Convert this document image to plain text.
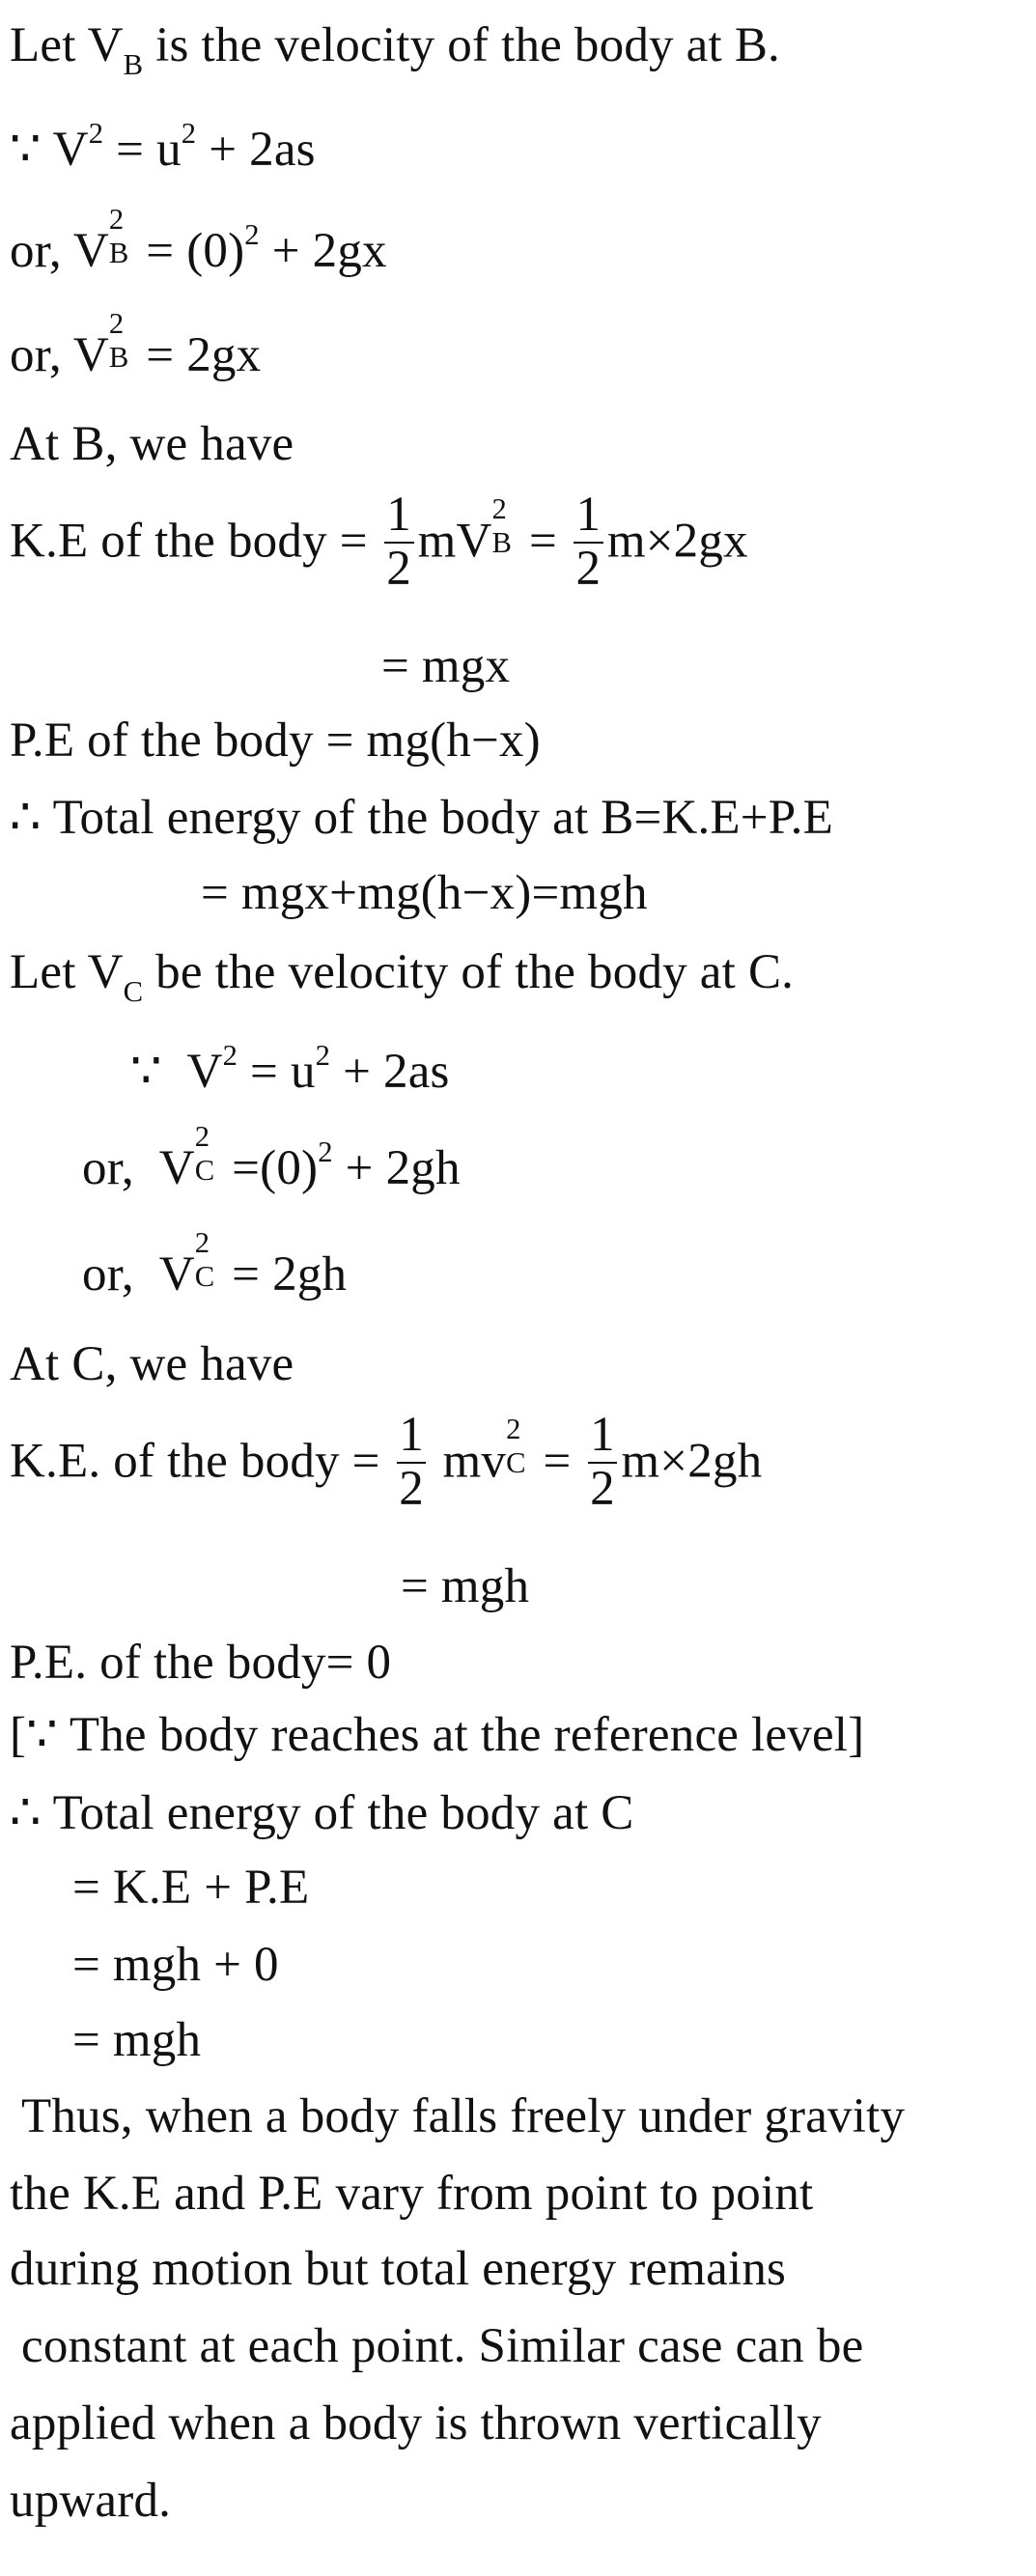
Let $V_B$ is the velocity of the body at B.
∵ $V^2 = u^2 + 2as$
or, V
2
$B = (0)^2 + 2gx$
or, V
2
B = 2gx
At B, we have
K.E of the body = $\frac{1}{2}$ mV
2
$B = \frac{1}{2} m\times 2gx$
= mgx
P.E of the body = mg(h−x)
∴ Total energy of the body at B=K.E+P.E
= mgx+mg(h−x)=mgh
Let $V_C$ be the velocity of the body at C.
∵  $V^2 = u^2 + 2as$
or,  V
2
$C =(0)^2 + 2gh$
or,  V
2
C = 2gh
At C, we have
K.E. of the body = $\frac{1}{2}$ mv
2
$C = \frac{1}{2} m\times 2gh$
= mgh
P.E. of the body= 0
[∵ The body reaches at the reference level]
∴ Total energy of the body at C
= K.E + P.E
= mgh + 0
= mgh
Thus, when a body falls freely under gravity
the K.E and P.E vary from point to point
during motion but total energy remains
constant at each point. Similar case can be
applied when a body is thrown vertically
upward.
